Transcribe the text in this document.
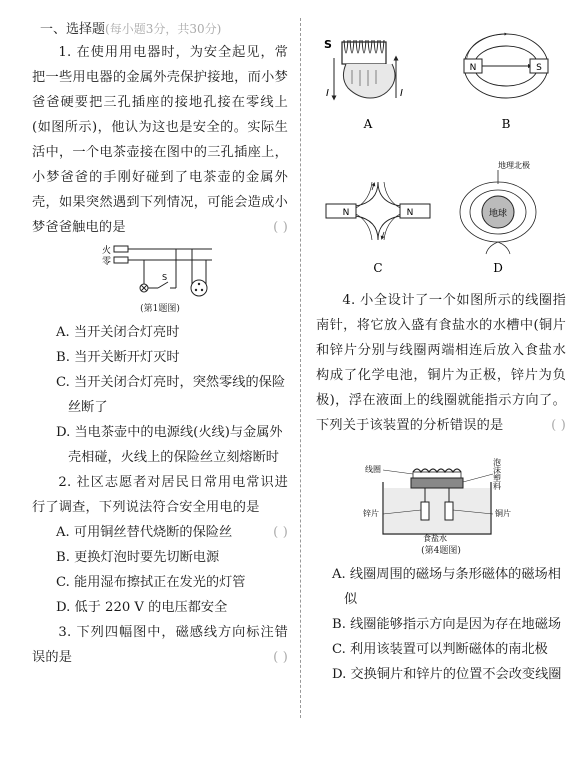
一、选择题(每小题3分，共30分)
1. 在使用用电器时，为安全起见，常把一些用电器的金属外壳保护接地，而小梦爸爸硬要把三孔插座的接地孔接在零线上(如图所示)，他认为这也是安全的。实际生活中，一个电茶壶接在图中的三孔插座上，小梦爸爸的手刚好碰到了电茶壶的金属外壳，如果突然遇到下列情况，可能会造成小梦爸爸触电的是	( )
火
零
S
(第1题图)
A. 当开关闭合灯亮时
B. 当开关断开灯灭时
C. 当开关闭合灯亮时，突然零线的保险丝断了
D. 当电茶壶中的电源线(火线)与金属外壳相碰，火线上的保险丝立刻熔断时
2. 社区志愿者对居民日常用电常识进行了调查，下列说法符合安全用电的是
( )
A. 可用铜丝替代烧断的保险丝
B. 更换灯泡时要先切断电源
C. 能用湿布擦拭正在发光的灯管
D. 低于 220 V 的电压都安全
3. 下列四幅图中，磁感线方向标注错误的是	( )
S
I	I
A
N	S
B
N	N
C
地理北极
地球
D
4. 小全设计了一个如图所示的线圈指南针，将它放入盛有食盐水的水槽中(铜片和锌片分别与线圈两端相连后放入食盐水构成了化学电池，铜片为正极，锌片为负极)，浮在液面上的线圈就能指示方向了。下列关于该装置的分析错误的是	( )
线圈	泡沫塑料
锌片	铜片
食盐水
(第4题图)
A. 线圈周围的磁场与条形磁体的磁场相似
B. 线圈能够指示方向是因为存在地磁场
C. 利用该装置可以判断磁体的南北极
D. 交换铜片和锌片的位置不会改变线圈
